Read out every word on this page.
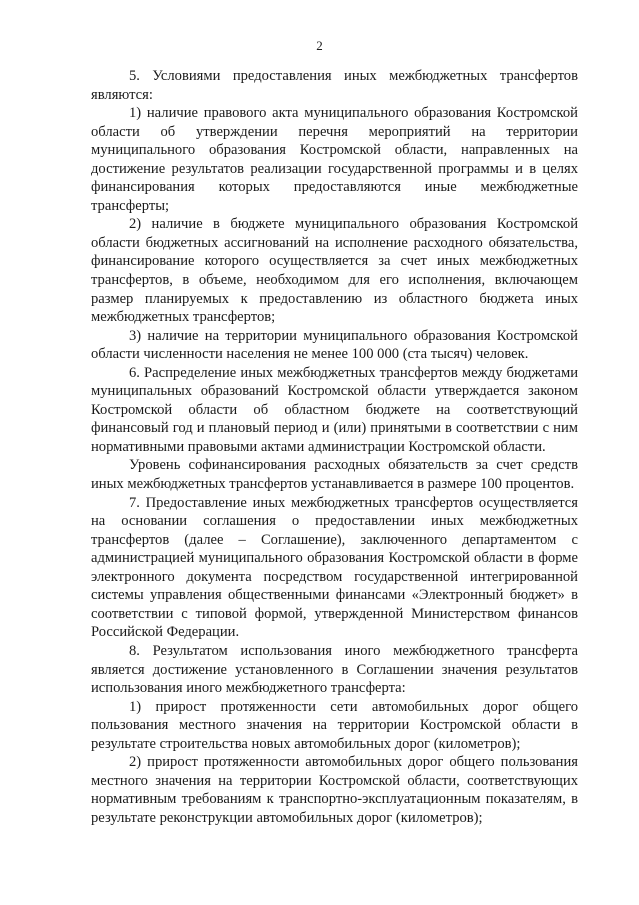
2

5. Условиями предоставления иных межбюджетных трансфертов являются:

1) наличие правового акта муниципального образования Костромской области об утверждении перечня мероприятий на территории муниципального образования Костромской области, направленных на достижение результатов реализации государственной программы и в целях финансирования которых предоставляются иные межбюджетные трансферты;

2) наличие в бюджете муниципального образования Костромской области бюджетных ассигнований на исполнение расходного обязательства, финансирование которого осуществляется за счет иных межбюджетных трансфертов, в объеме, необходимом для его исполнения, включающем размер планируемых к предоставлению из областного бюджета иных межбюджетных трансфертов;

3) наличие на территории муниципального образования Костромской области численности населения не менее 100 000 (ста тысяч) человек.

6. Распределение иных межбюджетных трансфертов между бюджетами муниципальных образований Костромской области утверждается законом Костромской области об областном бюджете на соответствующий финансовый год и плановый период и (или) принятыми в соответствии с ним нормативными правовыми актами администрации Костромской области.

Уровень софинансирования расходных обязательств за счет средств иных межбюджетных трансфертов устанавливается в размере 100 процентов.

7. Предоставление иных межбюджетных трансфертов осуществляется на основании соглашения о предоставлении иных межбюджетных трансфертов (далее – Соглашение), заключенного департаментом с администрацией муниципального образования Костромской области в форме электронного документа посредством государственной интегрированной системы управления общественными финансами «Электронный бюджет» в соответствии с типовой формой, утвержденной Министерством финансов Российской Федерации.

8. Результатом использования иного межбюджетного трансферта является достижение установленного в Соглашении значения результатов использования иного межбюджетного трансферта:

1) прирост протяженности сети автомобильных дорог общего пользования местного значения на территории Костромской области в результате строительства новых автомобильных дорог (километров);

2) прирост протяженности автомобильных дорог общего пользования местного значения на территории Костромской области, соответствующих нормативным требованиям к транспортно-эксплуатационным показателям, в результате реконструкции автомобильных дорог (километров);
